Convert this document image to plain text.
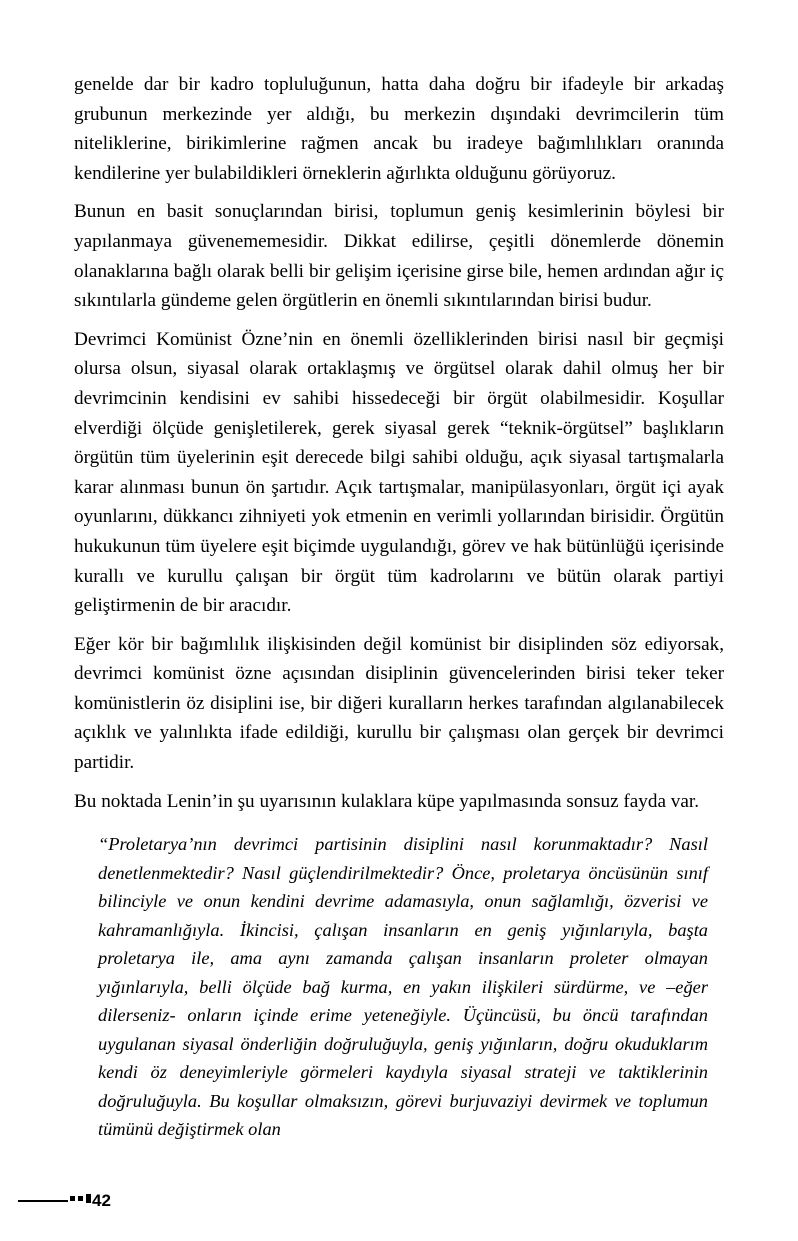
genelde dar bir kadro topluluğunun, hatta daha doğru bir ifadeyle bir arkadaş grubunun merkezinde yer aldığı, bu merkezin dışındaki devrimcilerin tüm niteliklerine, birikimlerine rağmen ancak bu iradeye bağımlılıkları oranında kendilerine yer bulabildikleri örneklerin ağırlıkta olduğunu görüyoruz.

Bunun en basit sonuçlarından birisi, toplumun geniş kesimlerinin böylesi bir yapılanmaya güvenememesidir. Dikkat edilirse, çeşitli dönemlerde dönemin olanaklarına bağlı olarak belli bir gelişim içerisine girse bile, hemen ardından ağır iç sıkıntılarla gündeme gelen örgütlerin en önemli sıkıntılarından birisi budur.

Devrimci Komünist Özne’nin en önemli özelliklerinden birisi nasıl bir geçmişi olursa olsun, siyasal olarak ortaklaşmış ve örgütsel olarak dahil olmuş her bir devrimcinin kendisini ev sahibi hissedeceği bir örgüt olabilmesidir. Koşullar elverdiği ölçüde genişletilerek, gerek siyasal gerek “teknik-örgütsel” başlıkların örgütün tüm üyelerinin eşit derecede bilgi sahibi olduğu, açık siyasal tartışmalarla karar alınması bunun ön şartıdır. Açık tartışmalar, manipülasyonları, örgüt içi ayak oyunlarını, dükkancı zihniyeti yok etmenin en verimli yollarından birisidir. Örgütün hukukunun tüm üyelere eşit biçimde uygulandığı, görev ve hak bütünlüğü içerisinde kurallı ve kurullu çalışan bir örgüt tüm kadrolarını ve bütün olarak partiyi geliştirmenin de bir aracıdır.

Eğer kör bir bağımlılık ilişkisinden değil komünist bir disiplinden söz ediyorsak, devrimci komünist özne açısından disiplinin güvencelerinden birisi teker teker komünistlerin öz disiplini ise, bir diğeri kuralların herkes tarafından algılanabilecek açıklık ve yalınlıkta ifade edildiği, kurullu bir çalışması olan gerçek bir devrimci partidir.

Bu noktada Lenin’in şu uyarısının kulaklara küpe yapılmasında sonsuz fayda var.

“Proletarya’nın devrimci partisinin disiplini nasıl korunmaktadır? Nasıl denetlenmektedir? Nasıl güçlendirilmektedir? Önce, proletarya öncüsünün sınıf bilinciyle ve onun kendini devrime adamasıyla, onun sağlamlığı, özverisi ve kahramanlığıyla. İkincisi, çalışan insanların en geniş yığınlarıyla, başta proletarya ile, ama aynı zamanda çalışan insanların proleter olmayan yığınlarıyla, belli ölçüde bağ kurma, en yakın ilişkileri sürdürme, ve –eğer dilerseniz- onların içinde erime yeteneğiyle. Üçüncüsü, bu öncü tarafından uygulanan siyasal önderliğin doğruluğuyla, geniş yığınların, doğru okuduklarım kendi öz deneyimleriyle görmeleri kaydıyla siyasal strateji ve taktiklerinin doğruluğuyla. Bu koşullar olmaksızın, görevi burjuvaziyi devirmek ve toplumun tümünü değiştirmek olan

42
